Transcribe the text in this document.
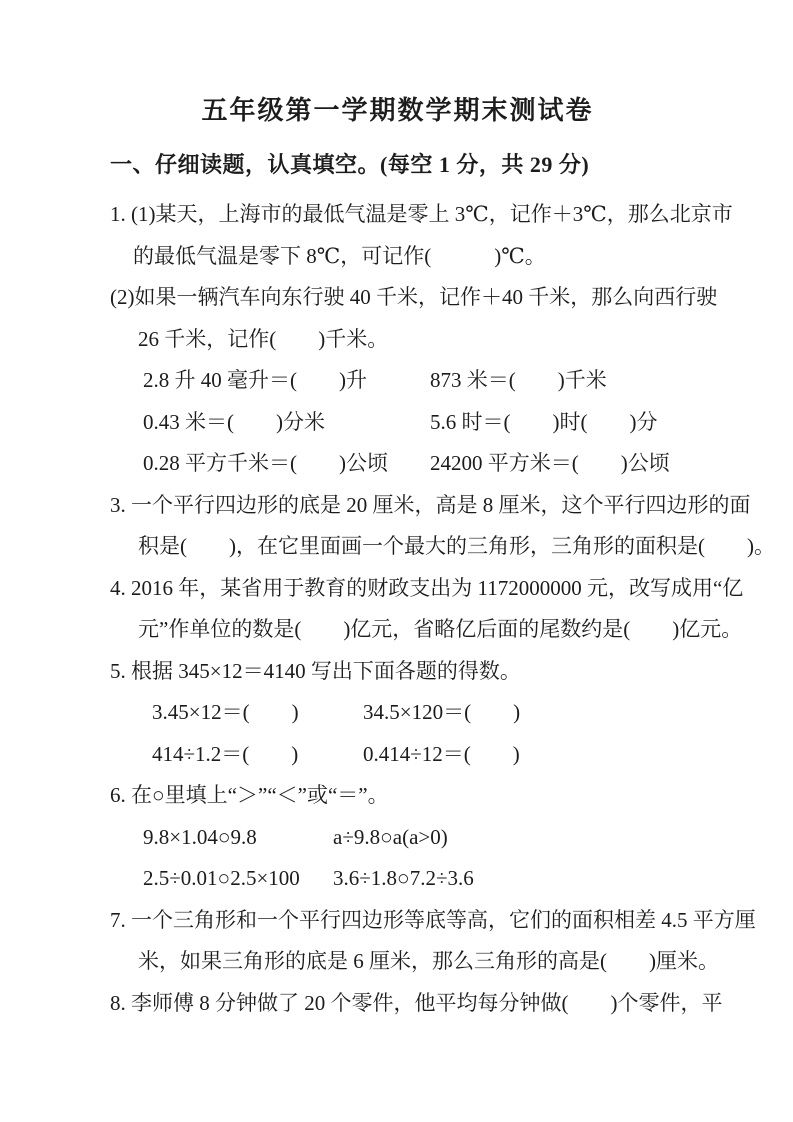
五年级第一学期数学期末测试卷
一、仔细读题，认真填空。(每空 1 分，共 29 分)
1. (1)某天，上海市的最低气温是零上 3℃，记作＋3℃，那么北京市
的最低气温是零下 8℃，可记作(　　　)℃。
(2)如果一辆汽车向东行驶 40 千米，记作＋40 千米，那么向西行驶
26 千米，记作(　　)千米。
2.8 升 40 毫升＝(　　)升	873 米＝(　　)千米
0.43 米＝(　　)分米	5.6 时＝(　　)时(　　)分
0.28 平方千米＝(　　)公顷	24200 平方米＝(　　)公顷
3. 一个平行四边形的底是 20 厘米，高是 8 厘米，这个平行四边形的面
积是(　　)，在它里面画一个最大的三角形，三角形的面积是(　　)。
4. 2016 年，某省用于教育的财政支出为 1172000000 元，改写成用“亿
元”作单位的数是(　　)亿元，省略亿后面的尾数约是(　　)亿元。
5. 根据 345×12＝4140 写出下面各题的得数。
3.45×12＝(　　)	34.5×120＝(　　)
414÷1.2＝(　　)	0.414÷12＝(　　)
6. 在○里填上“＞”“＜”或“＝”。
9.8×1.04○9.8	a÷9.8○a(a>0)
2.5÷0.01○2.5×100	3.6÷1.8○7.2÷3.6
7. 一个三角形和一个平行四边形等底等高，它们的面积相差 4.5 平方厘
米，如果三角形的底是 6 厘米，那么三角形的高是(　　)厘米。
8. 李师傅 8 分钟做了 20 个零件，他平均每分钟做(　　)个零件，平
